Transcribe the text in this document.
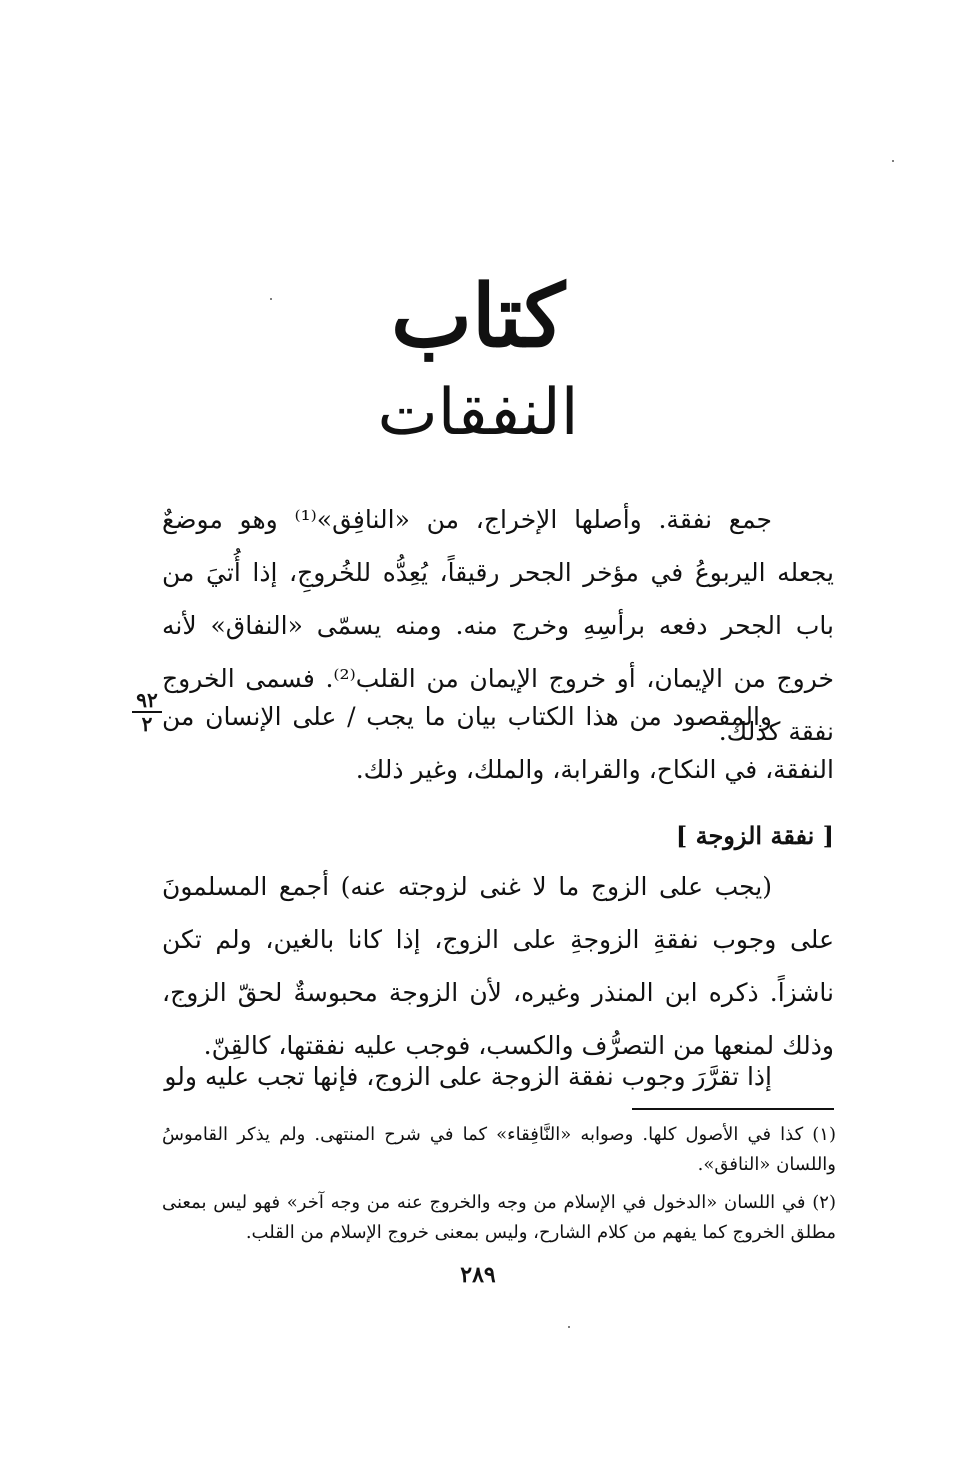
كتاب
النفقات

جمع نفقة. وأصلها الإخراج، من «النافِق»⁽¹⁾ وهو موضعٌ يجعله اليربوعُ في مؤخر الجحر رقيقاً، يُعِدُّه للخُروجِ، إذا أُتيَ من باب الجحر دفعه برأسِهِ وخرج منه. ومنه يسمّى «النفاق» لأنه خروج من الإيمان، أو خروج الإيمان من القلب⁽²⁾. فسمى الخروج نفقة كذلك.

والمقصود من هذا الكتاب بيان ما يجب / على الإنسان من النفقة، في النكاح، والقرابة، والملك، وغير ذلك.

٩٢
٢
[ نفقة الزوجة ]

(يجب على الزوج ما لا غنى لزوجته عنه) أجمع المسلمونَ على وجوب نفقةِ الزوجةِ على الزوج، إذا كانا بالغين، ولم تكن ناشزاً. ذكره ابن المنذر وغيره، لأن الزوجة محبوسةٌ لحقّ الزوج، وذلك لمنعها من التصرُّف والكسب، فوجب عليه نفقتها، كالقِنّ.

إذا تقرَّرَ وجوب نفقة الزوجة على الزوج، فإنها تجب عليه ولو

(١) كذا في الأصول كلها. وصوابه «النَّافِقاء» كما في شرح المنتهى. ولم يذكر القاموسُ واللسان «النافق».

(٢) في اللسان «الدخول في الإسلام من وجه والخروج عنه من وجه آخر» فهو ليس بمعنى مطلق الخروج كما يفهم من كلام الشارح، وليس بمعنى خروج الإسلام من القلب.

٢٨٩
